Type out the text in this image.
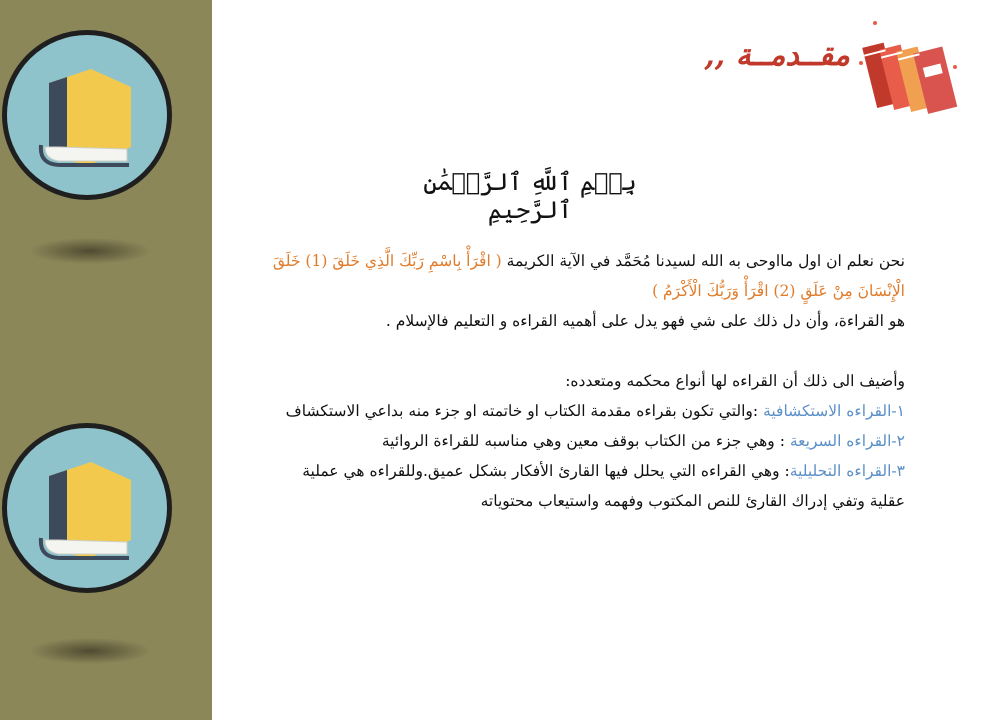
مقــدمــة ,,
بِسۡمِ ٱللَّهِ ٱلرَّحۡمَٰنِ ٱلرَّحِيمِ

نحن نعلم ان اول مااوحى به الله لسيدنا مُحَمَّد في الآية الكريمة ( اقْرَأْ بِاسْمِ رَبِّكَ الَّذِي خَلَقَ (1) خَلَقَ الْإِنْسَانَ مِنْ عَلَقٍ (2) اقْرَأْ وَرَبُّكَ الْأَكْرَمُ )

هو القراءة، وأن دل ذلك على شي فهو يدل على أهميه القراءه و التعليم فالإسلام .

وأضيف الى ذلك أن القراءه لها أنواع محكمه ومتعدده:

١-القراءه الاستكشافية :والتي تكون بقراءه مقدمة الكتاب او خاتمته او جزء منه بداعي الاستكشاف

٢-القراءه السريعة : وهي جزء من الكتاب بوقف معين وهي مناسبه للقراءة الروائية

٣-القراءه التحليلية: وهي القراءه التي يحلل فيها القارئ الأفكار بشكل عميق.وللقراءه هي عملية عقلية وتفي إدراك القارئ للنص المكتوب وفهمه واستيعاب محتوياته
